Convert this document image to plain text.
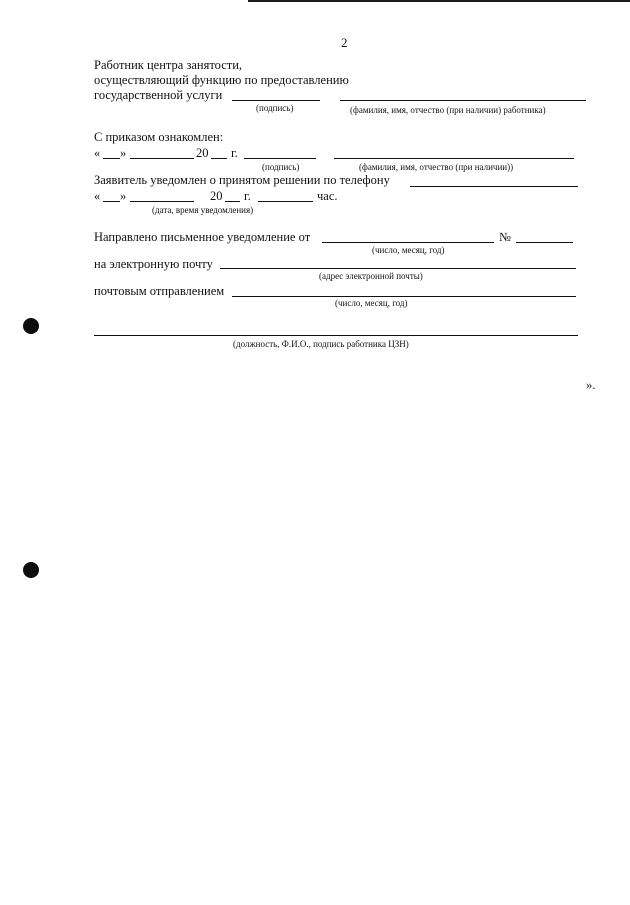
2
Работник центра занятости,
осуществляющий функцию по предоставлению
государственной услуги
(подпись)	(фамилия, имя, отчество (при наличии) работника)
С приказом ознакомлен:
« »	20 г.
(подпись)	(фамилия, имя, отчество (при наличии))
Заявитель уведомлен о принятом решении по телефону
« »	20 г.	час.
(дата, время уведомления)
Направлено письменное уведомление от	№
(число, месяц, год)
на электронную почту
(адрес электронной почты)
почтовым отправлением
(число, месяц, год)
(должность, Ф.И.О., подпись работника ЦЗН)
».
